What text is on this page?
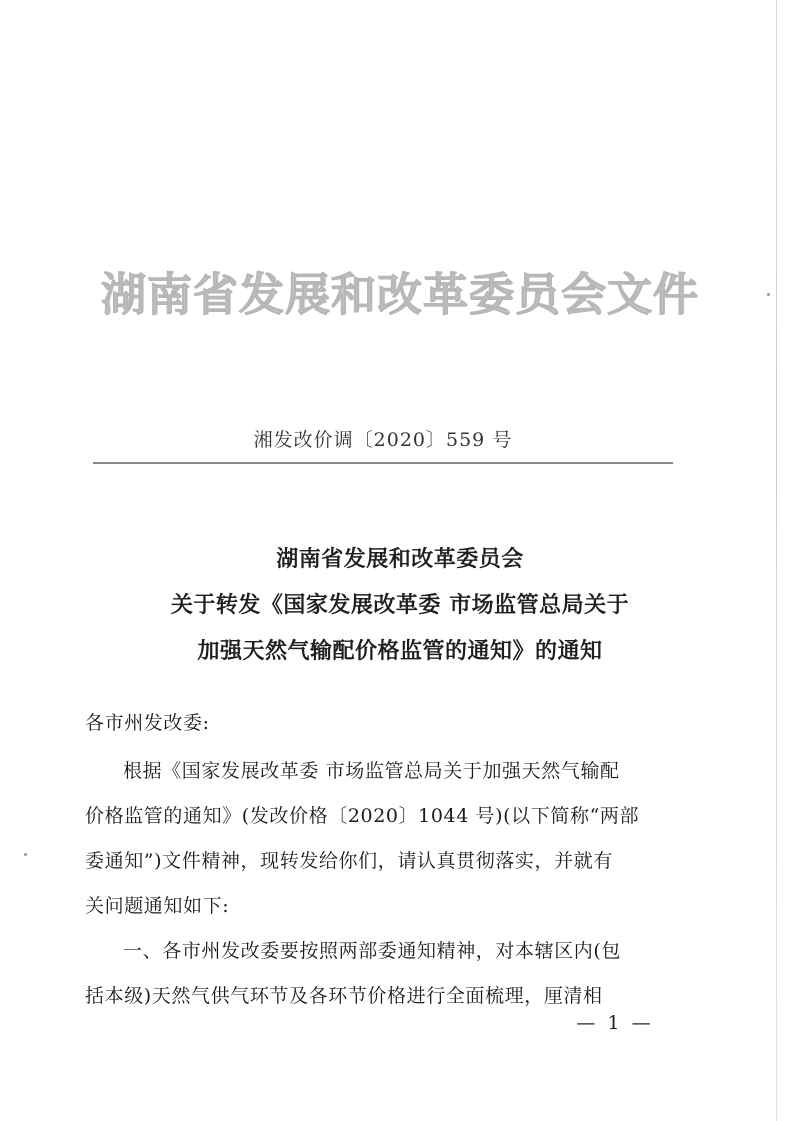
湖南省发展和改革委员会文件
湘发改价调〔2020〕559 号
湖南省发展和改革委员会
关于转发《国家发展改革委 市场监管总局关于
加强天然气输配价格监管的通知》的通知
各市州发改委:
根据《国家发展改革委 市场监管总局关于加强天然气输配
价格监管的通知》(发改价格〔2020〕1044 号)(以下简称“两部
委通知”)文件精神，现转发给你们，请认真贯彻落实，并就有
关问题通知如下:
一、各市州发改委要按照两部委通知精神，对本辖区内(包
括本级)天然气供气环节及各环节价格进行全面梳理，厘清相
— 1 —
